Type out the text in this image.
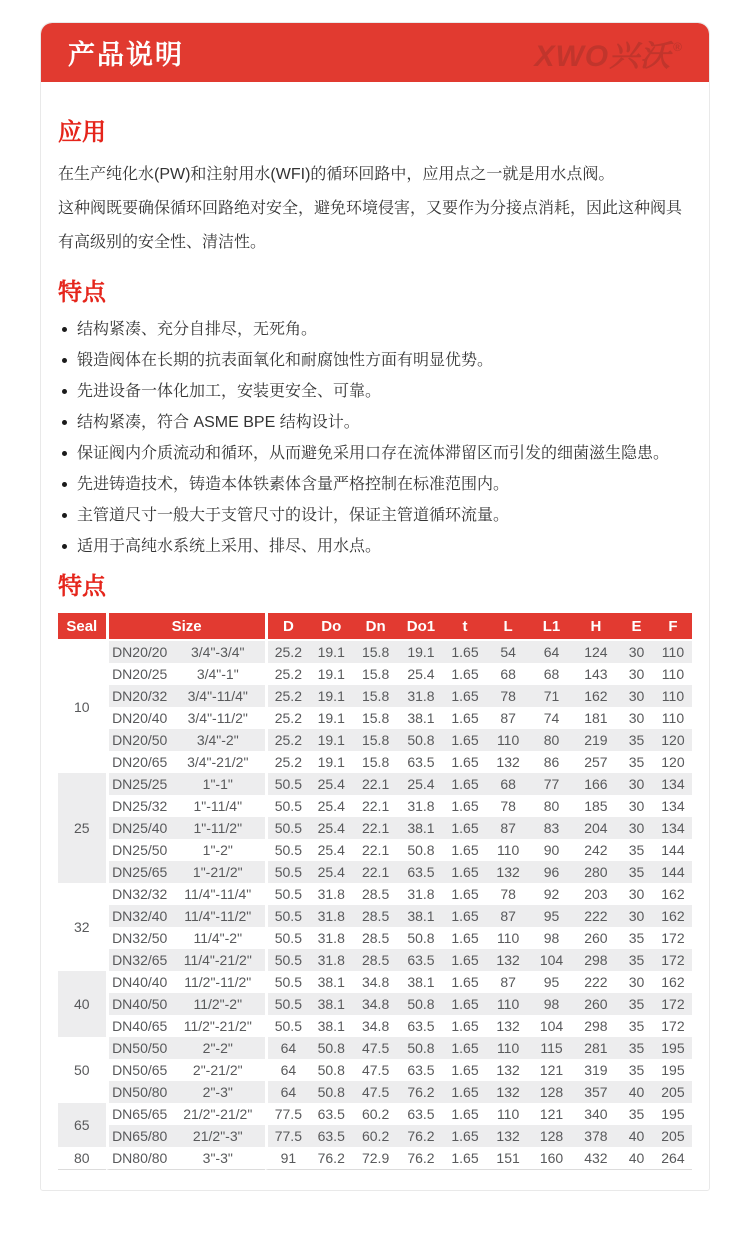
产品说明	XWO兴沃 ®
应用

在生产纯化水(PW)和注射用水(WFI)的循环回路中，应用点之一就是用水点阀。

这种阀既要确保循环回路绝对安全，避免环境侵害，又要作为分接点消耗，因此这种阀具有高级别的安全性、清洁性。

特点
结构紧凑、充分自排尽，无死角。
锻造阀体在长期的抗表面氧化和耐腐蚀性方面有明显优势。
先进设备一体化加工，安装更安全、可靠。
结构紧凑，符合 ASME BPE 结构设计。
保证阀内介质流动和循环，从而避免采用口存在流体滞留区而引发的细菌滋生隐患。
先进铸造技术，铸造本体铁素体含量严格控制在标准范围内。
主管道尺寸一般大于支管尺寸的设计，保证主管道循环流量。
适用于高纯水系统上采用、排尽、用水点。
特点
Seal	Size		D	Do	Dn	Do1	t	L	L1	H	E	F
10	DN20/20	3/4"-3/4"	25.2	19.1	15.8	19.1	1.65	54	64	124	30	110
	DN20/25	3/4"-1"	25.2	19.1	15.8	25.4	1.65	68	68	143	30	110
	DN20/32	3/4"-11/4"	25.2	19.1	15.8	31.8	1.65	78	71	162	30	110
	DN20/40	3/4"-11/2"	25.2	19.1	15.8	38.1	1.65	87	74	181	30	110
	DN20/50	3/4"-2"	25.2	19.1	15.8	50.8	1.65	110	80	219	35	120
	DN20/65	3/4"-21/2"	25.2	19.1	15.8	63.5	1.65	132	86	257	35	120
25	DN25/25	1"-1"	50.5	25.4	22.1	25.4	1.65	68	77	166	30	134
	DN25/32	1"-11/4"	50.5	25.4	22.1	31.8	1.65	78	80	185	30	134
	DN25/40	1"-11/2"	50.5	25.4	22.1	38.1	1.65	87	83	204	30	134
	DN25/50	1"-2"	50.5	25.4	22.1	50.8	1.65	110	90	242	35	144
	DN25/65	1"-21/2"	50.5	25.4	22.1	63.5	1.65	132	96	280	35	144
32	DN32/32	11/4"-11/4"	50.5	31.8	28.5	31.8	1.65	78	92	203	30	162
	DN32/40	11/4"-11/2"	50.5	31.8	28.5	38.1	1.65	87	95	222	30	162
	DN32/50	11/4"-2"	50.5	31.8	28.5	50.8	1.65	110	98	260	35	172
	DN32/65	11/4"-21/2"	50.5	31.8	28.5	63.5	1.65	132	104	298	35	172
40	DN40/40	11/2"-11/2"	50.5	38.1	34.8	38.1	1.65	87	95	222	30	162
	DN40/50	11/2"-2"	50.5	38.1	34.8	50.8	1.65	110	98	260	35	172
	DN40/65	11/2"-21/2"	50.5	38.1	34.8	63.5	1.65	132	104	298	35	172
50	DN50/50	2"-2"	64	50.8	47.5	50.8	1.65	110	115	281	35	195
	DN50/65	2"-21/2"	64	50.8	47.5	63.5	1.65	132	121	319	35	195
	DN50/80	2"-3"	64	50.8	47.5	76.2	1.65	132	128	357	40	205
65	DN65/65	21/2"-21/2"	77.5	63.5	60.2	63.5	1.65	110	121	340	35	195
	DN65/80	21/2"-3"	77.5	63.5	60.2	76.2	1.65	132	128	378	40	205
80	DN80/80	3"-3"	91	76.2	72.9	76.2	1.65	151	160	432	40	264
